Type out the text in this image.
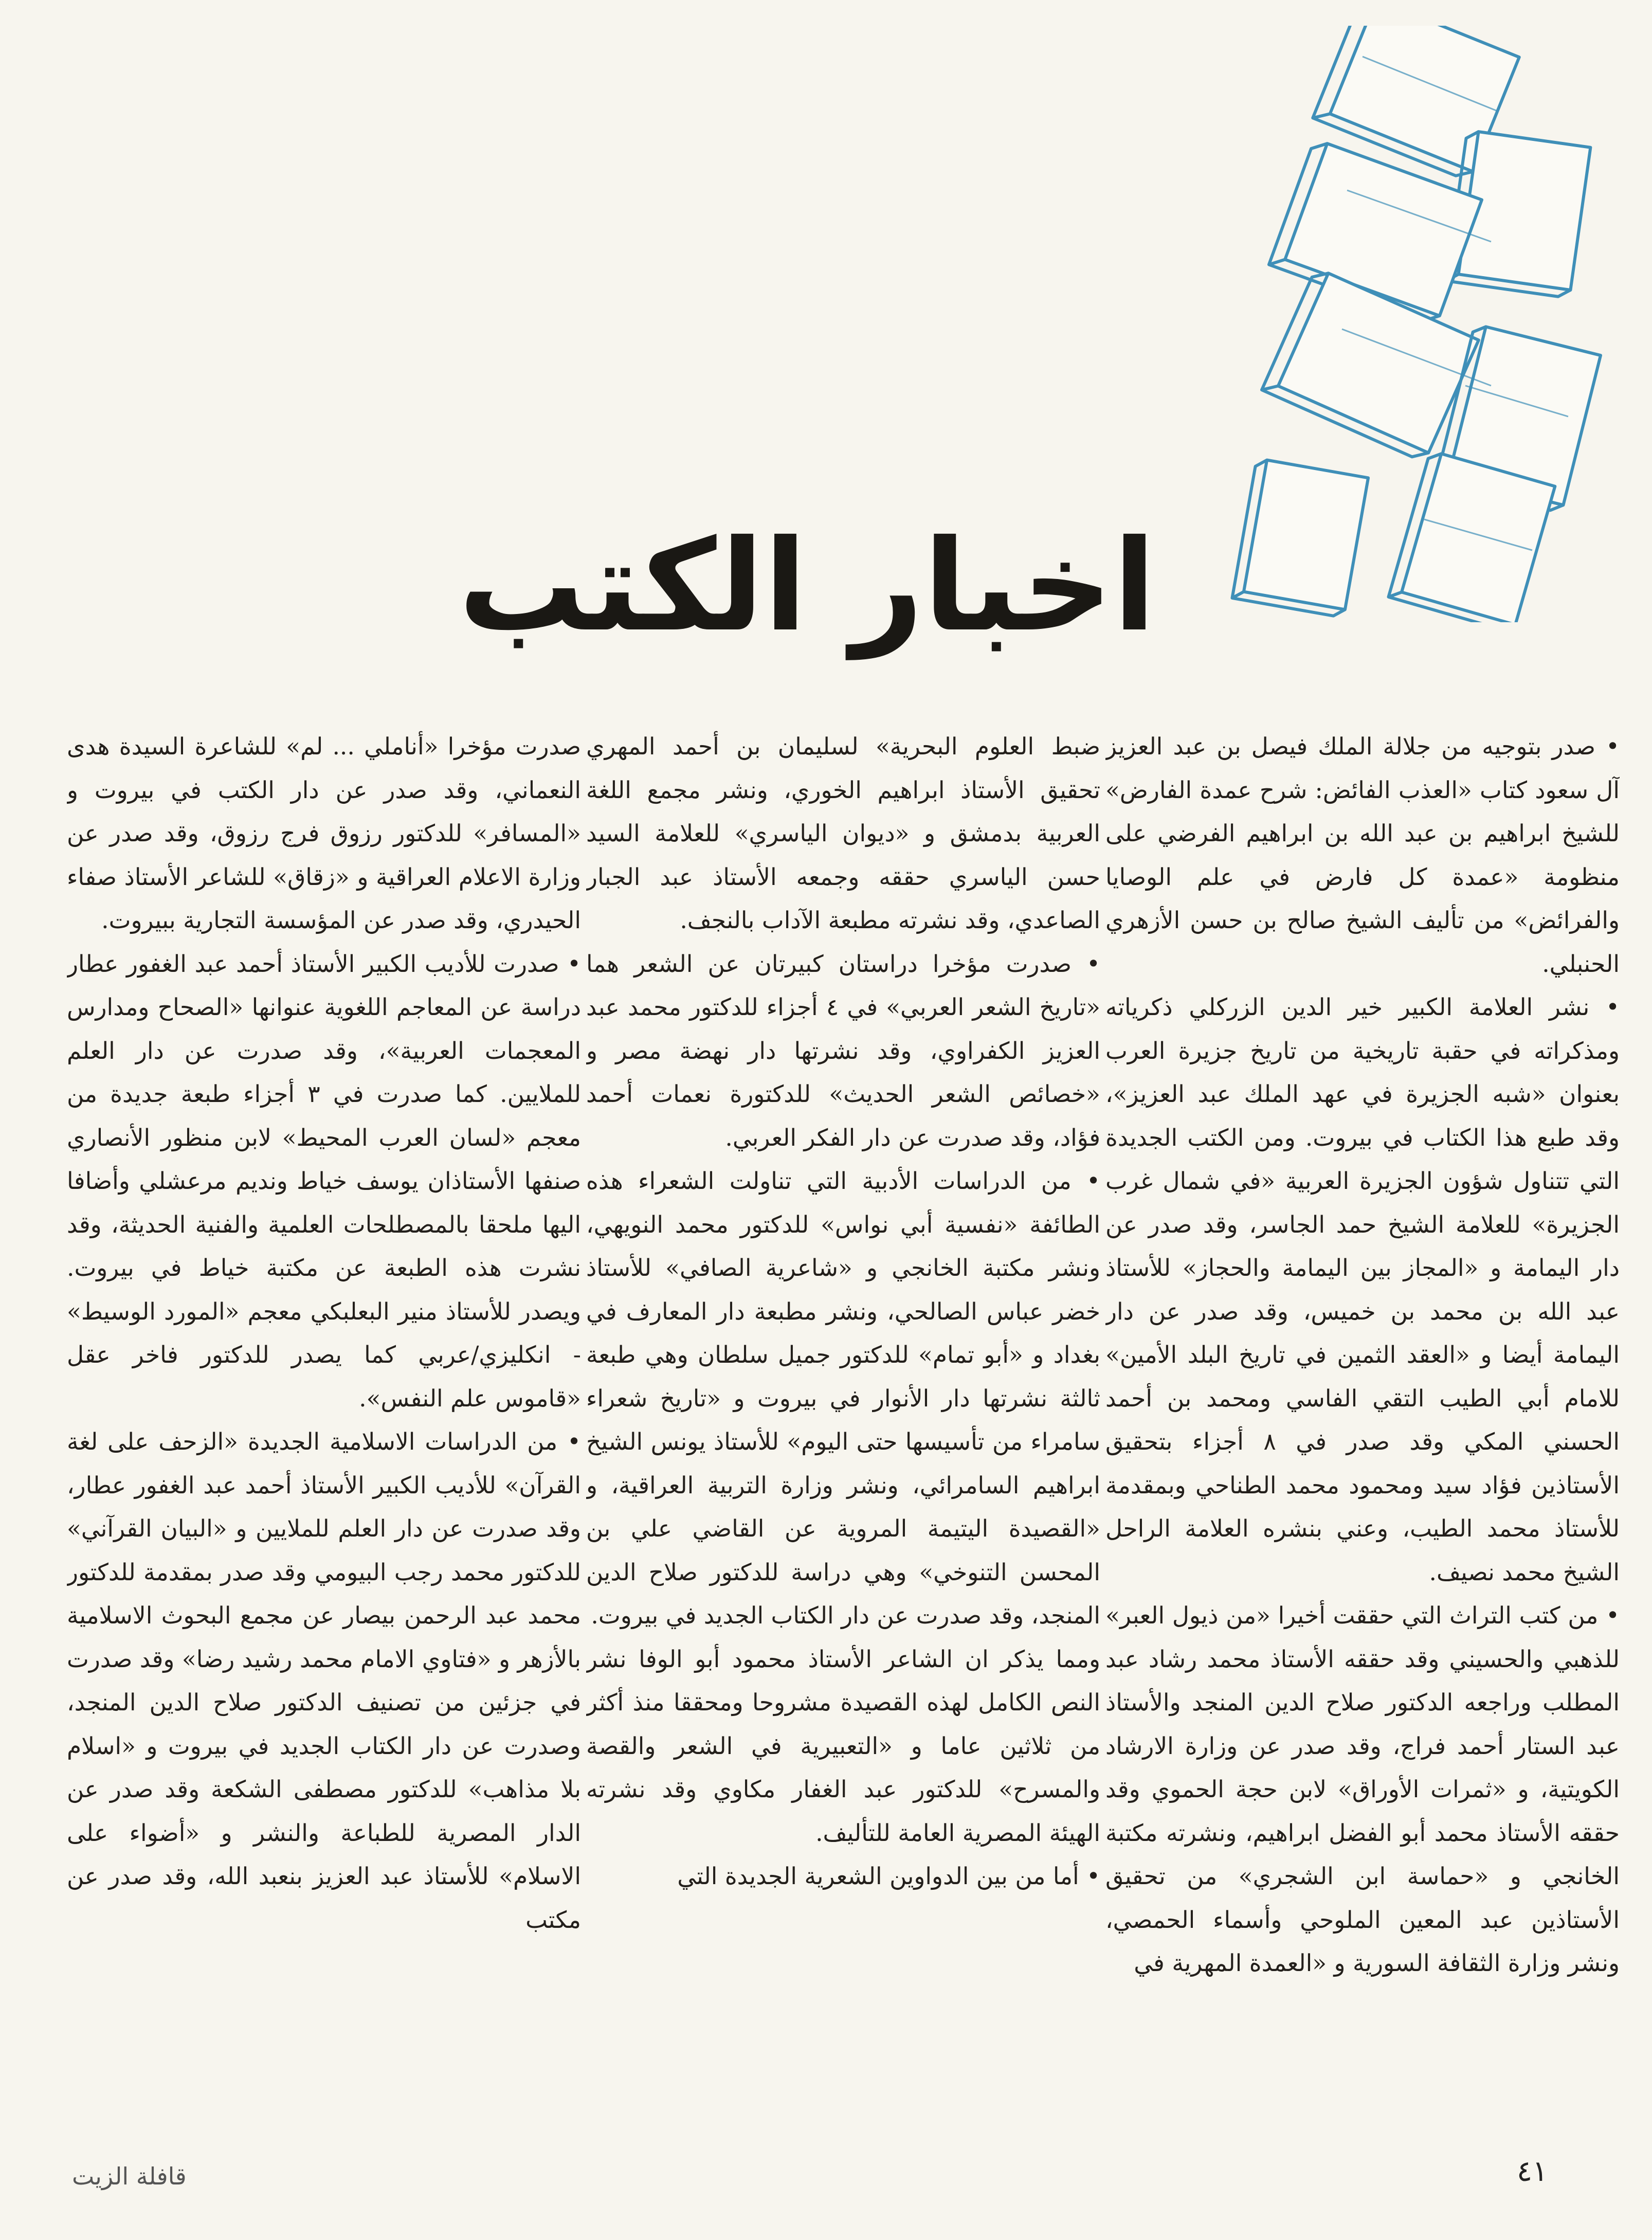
اخبار الكتب

• صدر بتوجيه من جلالة الملك فيصل بن عبد العزيز آل سعود كتاب «العذب الفائض: شرح عمدة الفارض» للشيخ ابراهيم بن عبد الله بن ابراهيم الفرضي على منظومة «عمدة كل فارض في علم الوصايا والفرائض» من تأليف الشيخ صالح بن حسن الأزهري الحنبلي.

• نشر العلامة الكبير خير الدين الزركلي ذكرياته ومذكراته في حقبة تاريخية من تاريخ جزيرة العرب بعنوان «شبه الجزيرة في عهد الملك عبد العزيز»، وقد طبع هذا الكتاب في بيروت. ومن الكتب الجديدة التي تتناول شؤون الجزيرة العربية «في شمال غرب الجزيرة» للعلامة الشيخ حمد الجاسر، وقد صدر عن دار اليمامة و «المجاز بين اليمامة والحجاز» للأستاذ عبد الله بن محمد بن خميس، وقد صدر عن دار اليمامة أيضا و «العقد الثمين في تاريخ البلد الأمين» للامام أبي الطيب التقي الفاسي ومحمد بن أحمد الحسني المكي وقد صدر في ٨ أجزاء بتحقيق الأستاذين فؤاد سيد ومحمود محمد الطناحي وبمقدمة للأستاذ محمد الطيب، وعني بنشره العلامة الراحل الشيخ محمد نصيف.

• من كتب التراث التي حققت أخيرا «من ذيول العبر» للذهبي والحسيني وقد حققه الأستاذ محمد رشاد عبد المطلب وراجعه الدكتور صلاح الدين المنجد والأستاذ عبد الستار أحمد فراج، وقد صدر عن وزارة الارشاد الكويتية، و «ثمرات الأوراق» لابن حجة الحموي وقد حققه الأستاذ محمد أبو الفضل ابراهيم، ونشرته مكتبة الخانجي و «حماسة ابن الشجري» من تحقيق الأستاذين عبد المعين الملوحي وأسماء الحمصي، ونشر وزارة الثقافة السورية و «العمدة المهرية في

ضبط العلوم البحرية» لسليمان بن أحمد المهري تحقيق الأستاذ ابراهيم الخوري، ونشر مجمع اللغة العربية بدمشق و «ديوان الياسري» للعلامة السيد حسن الياسري حققه وجمعه الأستاذ عبد الجبار الصاعدي، وقد نشرته مطبعة الآداب بالنجف.

• صدرت مؤخرا دراستان كبيرتان عن الشعر هما «تاريخ الشعر العربي» في ٤ أجزاء للدكتور محمد عبد العزيز الكفراوي، وقد نشرتها دار نهضة مصر و «خصائص الشعر الحديث» للدكتورة نعمات أحمد فؤاد، وقد صدرت عن دار الفكر العربي.

• من الدراسات الأدبية التي تناولت الشعراء هذه الطائفة «نفسية أبي نواس» للدكتور محمد النويهي، ونشر مكتبة الخانجي و «شاعرية الصافي» للأستاذ خضر عباس الصالحي، ونشر مطبعة دار المعارف في بغداد و «أبو تمام» للدكتور جميل سلطان وهي طبعة ثالثة نشرتها دار الأنوار في بيروت و «تاريخ شعراء سامراء من تأسيسها حتى اليوم» للأستاذ يونس الشيخ ابراهيم السامرائي، ونشر وزارة التربية العراقية، و «القصيدة اليتيمة المروية عن القاضي علي بن المحسن التنوخي» وهي دراسة للدكتور صلاح الدين المنجد، وقد صدرت عن دار الكتاب الجديد في بيروت.

ومما يذكر ان الشاعر الأستاذ محمود أبو الوفا نشر النص الكامل لهذه القصيدة مشروحا ومحققا منذ أكثر من ثلاثين عاما و «التعبيرية في الشعر والقصة والمسرح» للدكتور عبد الغفار مكاوي وقد نشرته الهيئة المصرية العامة للتأليف.

• أما من بين الدواوين الشعرية الجديدة التي

صدرت مؤخرا «أناملي ... لم» للشاعرة السيدة هدى النعماني، وقد صدر عن دار الكتب في بيروت و «المسافر» للدكتور رزوق فرج رزوق، وقد صدر عن وزارة الاعلام العراقية و «زقاق» للشاعر الأستاذ صفاء الحيدري، وقد صدر عن المؤسسة التجارية ببيروت.

• صدرت للأديب الكبير الأستاذ أحمد عبد الغفور عطار دراسة عن المعاجم اللغوية عنوانها «الصحاح ومدارس المعجمات العربية»، وقد صدرت عن دار العلم للملايين. كما صدرت في ٣ أجزاء طبعة جديدة من معجم «لسان العرب المحيط» لابن منظور الأنصاري صنفها الأستاذان يوسف خياط ونديم مرعشلي وأضافا اليها ملحقا بالمصطلحات العلمية والفنية الحديثة، وقد نشرت هذه الطبعة عن مكتبة خياط في بيروت. ويصدر للأستاذ منير البعلبكي معجم «المورد الوسيط» - انكليزي/عربي كما يصدر للدكتور فاخر عقل «قاموس علم النفس».

• من الدراسات الاسلامية الجديدة «الزحف على لغة القرآن» للأديب الكبير الأستاذ أحمد عبد الغفور عطار، وقد صدرت عن دار العلم للملايين و «البيان القرآني» للدكتور محمد رجب البيومي وقد صدر بمقدمة للدكتور محمد عبد الرحمن بيصار عن مجمع البحوث الاسلامية بالأزهر و «فتاوي الامام محمد رشيد رضا» وقد صدرت في جزئين من تصنيف الدكتور صلاح الدين المنجد، وصدرت عن دار الكتاب الجديد في بيروت و «اسلام بلا مذاهب» للدكتور مصطفى الشكعة وقد صدر عن الدار المصرية للطباعة والنشر و «أضواء على الاسلام» للأستاذ عبد العزيز بنعبد الله، وقد صدر عن مكتب

٤١
قافلة الزيت
